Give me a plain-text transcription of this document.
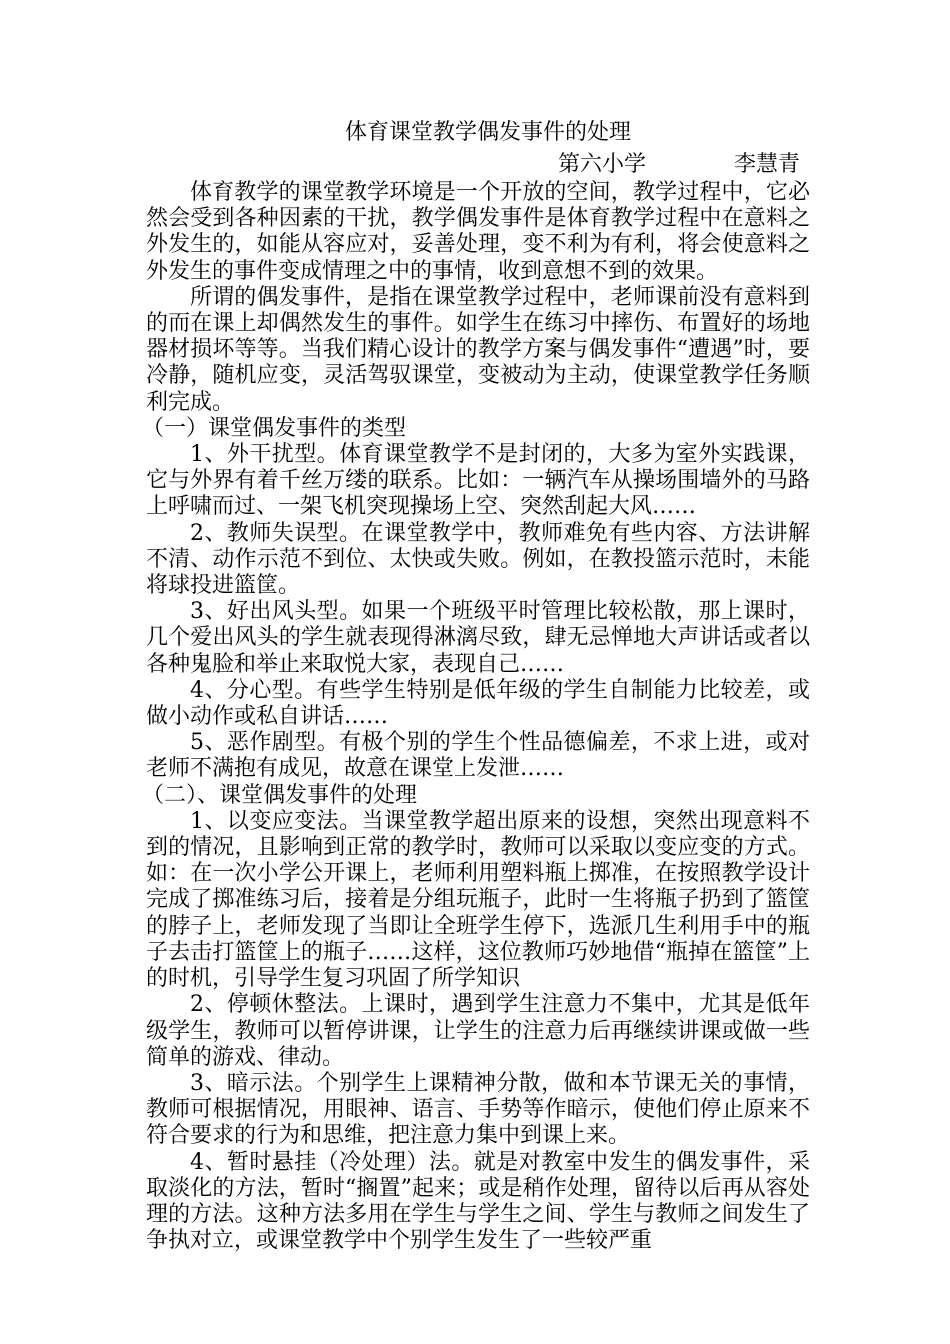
体育课堂教学偶发事件的处理
第六小学	李慧青

体育教学的课堂教学环境是一个开放的空间，教学过程中，它必然会受到各种因素的干扰，教学偶发事件是体育教学过程中在意料之外发生的，如能从容应对，妥善处理，变不利为有利，将会使意料之外发生的事件变成情理之中的事情，收到意想不到的效果。

所谓的偶发事件，是指在课堂教学过程中，老师课前没有意料到的而在课上却偶然发生的事件。如学生在练习中摔伤、布置好的场地器材损坏等等。当我们精心设计的教学方案与偶发事件“遭遇”时，要冷静，随机应变，灵活驾驭课堂，变被动为主动，使课堂教学任务顺利完成。

（一）课堂偶发事件的类型

1、外干扰型。体育课堂教学不是封闭的，大多为室外实践课，它与外界有着千丝万缕的联系。比如：一辆汽车从操场围墙外的马路上呼啸而过、一架飞机突现操场上空、突然刮起大风……

2、教师失误型。在课堂教学中，教师难免有些内容、方法讲解不清、动作示范不到位、太快或失败。例如，在教投篮示范时，未能将球投进篮筐。

3、好出风头型。如果一个班级平时管理比较松散，那上课时，几个爱出风头的学生就表现得淋漓尽致，肆无忌惮地大声讲话或者以各种鬼脸和举止来取悦大家，表现自己……

4、分心型。有些学生特别是低年级的学生自制能力比较差，或做小动作或私自讲话……

5、恶作剧型。有极个别的学生个性品德偏差，不求上进，或对老师不满抱有成见，故意在课堂上发泄……

（二）、课堂偶发事件的处理

1、以变应变法。当课堂教学超出原来的设想，突然出现意料不到的情况，且影响到正常的教学时，教师可以采取以变应变的方式。如：在一次小学公开课上，老师利用塑料瓶上掷准，在按照教学设计完成了掷准练习后，接着是分组玩瓶子，此时一生将瓶子扔到了篮筐的脖子上，老师发现了当即让全班学生停下，选派几生利用手中的瓶子去击打篮筐上的瓶子……这样，这位教师巧妙地借“瓶掉在篮筐”上的时机，引导学生复习巩固了所学知识

2、停顿休整法。上课时，遇到学生注意力不集中，尤其是低年级学生，教师可以暂停讲课，让学生的注意力后再继续讲课或做一些简单的游戏、律动。

3、暗示法。个别学生上课精神分散，做和本节课无关的事情，教师可根据情况，用眼神、语言、手势等作暗示，使他们停止原来不符合要求的行为和思维，把注意力集中到课上来。

4、暂时悬挂（冷处理）法。就是对教室中发生的偶发事件，采取淡化的方法，暂时“搁置”起来；或是稍作处理，留待以后再从容处理的方法。这种方法多用在学生与学生之间、学生与教师之间发生了争执对立，或课堂教学中个别学生发生了一些较严重
